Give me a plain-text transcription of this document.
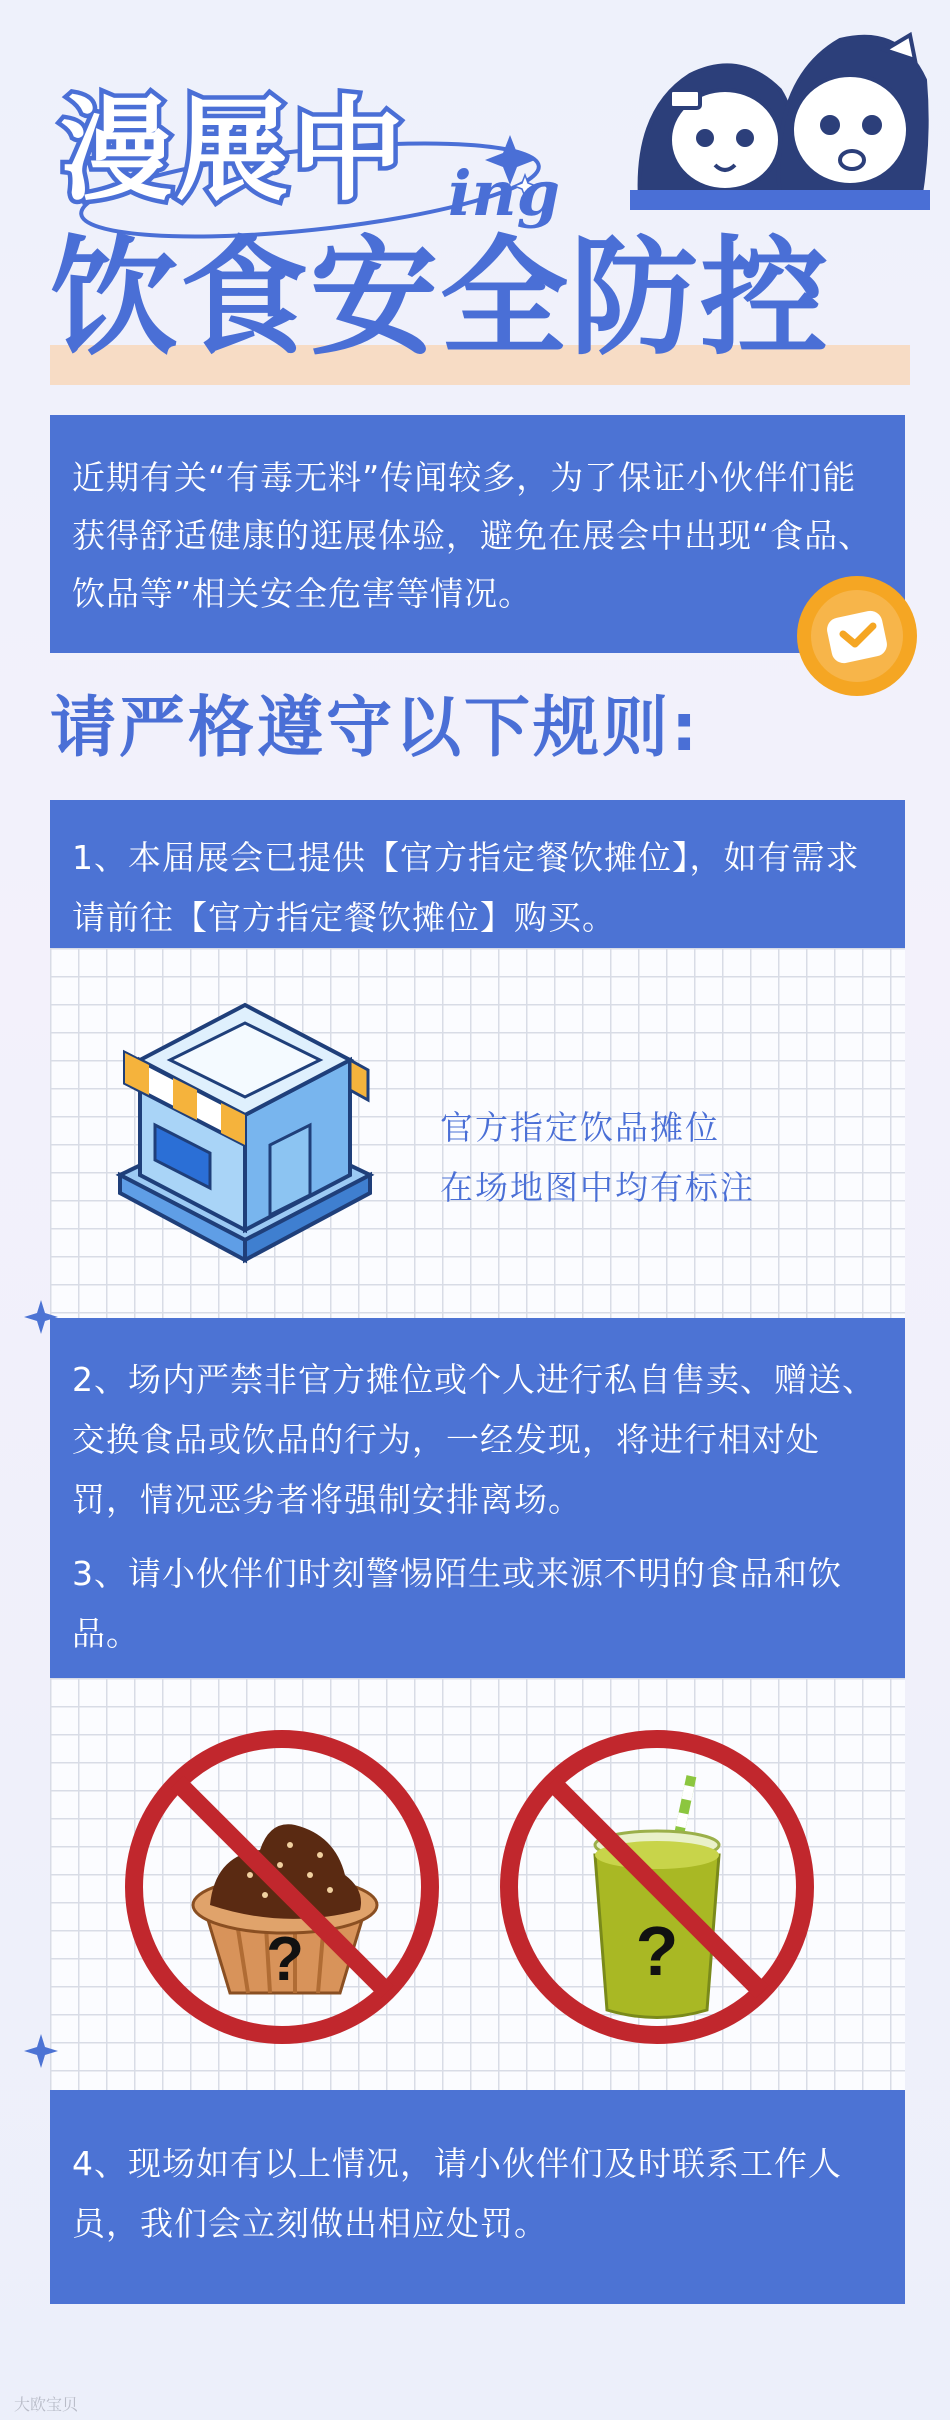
漫展中 ing
饮食安全防控
近期有关“有毒无料”传闻较多，为了保证小伙伴们能获得舒适健康的逛展体验，避免在展会中出现“食品、饮品等”相关安全危害等情况。
请严格遵守以下规则:
1、本届展会已提供【官方指定餐饮摊位】，如有需求请前往【官方指定餐饮摊位】购买。
官方指定饮品摊位
在场地图中均有标注

2、场内严禁非官方摊位或个人进行私自售卖、赠送、交换食品或饮品的行为，一经发现，将进行相对处罚，情况恶劣者将强制安排离场。

3、请小伙伴们时刻警惕陌生或来源不明的食品和饮品。

?	?
4、现场如有以上情况，请小伙伴们及时联系工作人员，我们会立刻做出相应处罚。
大欧宝贝
